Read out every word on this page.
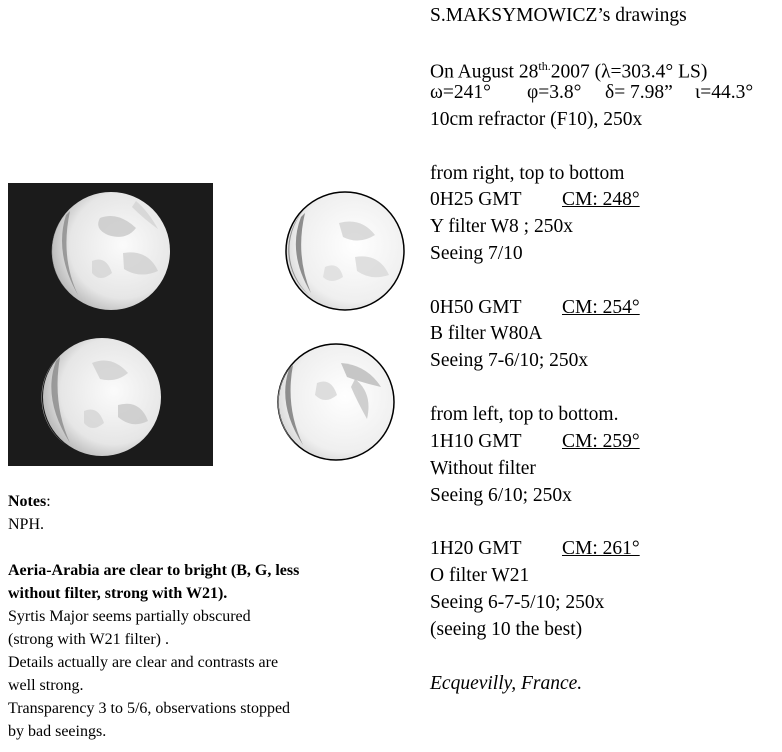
S.MAKSYMOWICZ’s drawings
On August $28^{th.}2007$ (λ=303.4° LS)
ω=241° φ=3.8° δ= 7.98” ι=44.3°
10cm refractor (F10), 250x
from right, top to bottom
0H25 GMT CM: 248°
Y filter W8 ; 250x
Seeing 7/10
0H50 GMT CM: 254°
B filter W80A
Seeing 7-6/10; 250x
from left, top to bottom.
1H10 GMT CM: 259°
Without filter
Seeing 6/10; 250x
1H20 GMT CM: 261°
O filter W21
Seeing 6-7-5/10; 250x
(seeing 10 the best)
Ecquevilly, France.
Notes:
NPH.
Aeria-Arabia are clear to bright (B, G, less
without filter, strong with W21).
Syrtis Major seems partially obscured
(strong with W21 filter) .
Details actually are clear and contrasts are
well strong.
Transparency 3 to 5/6, observations stopped
by bad seeings.
